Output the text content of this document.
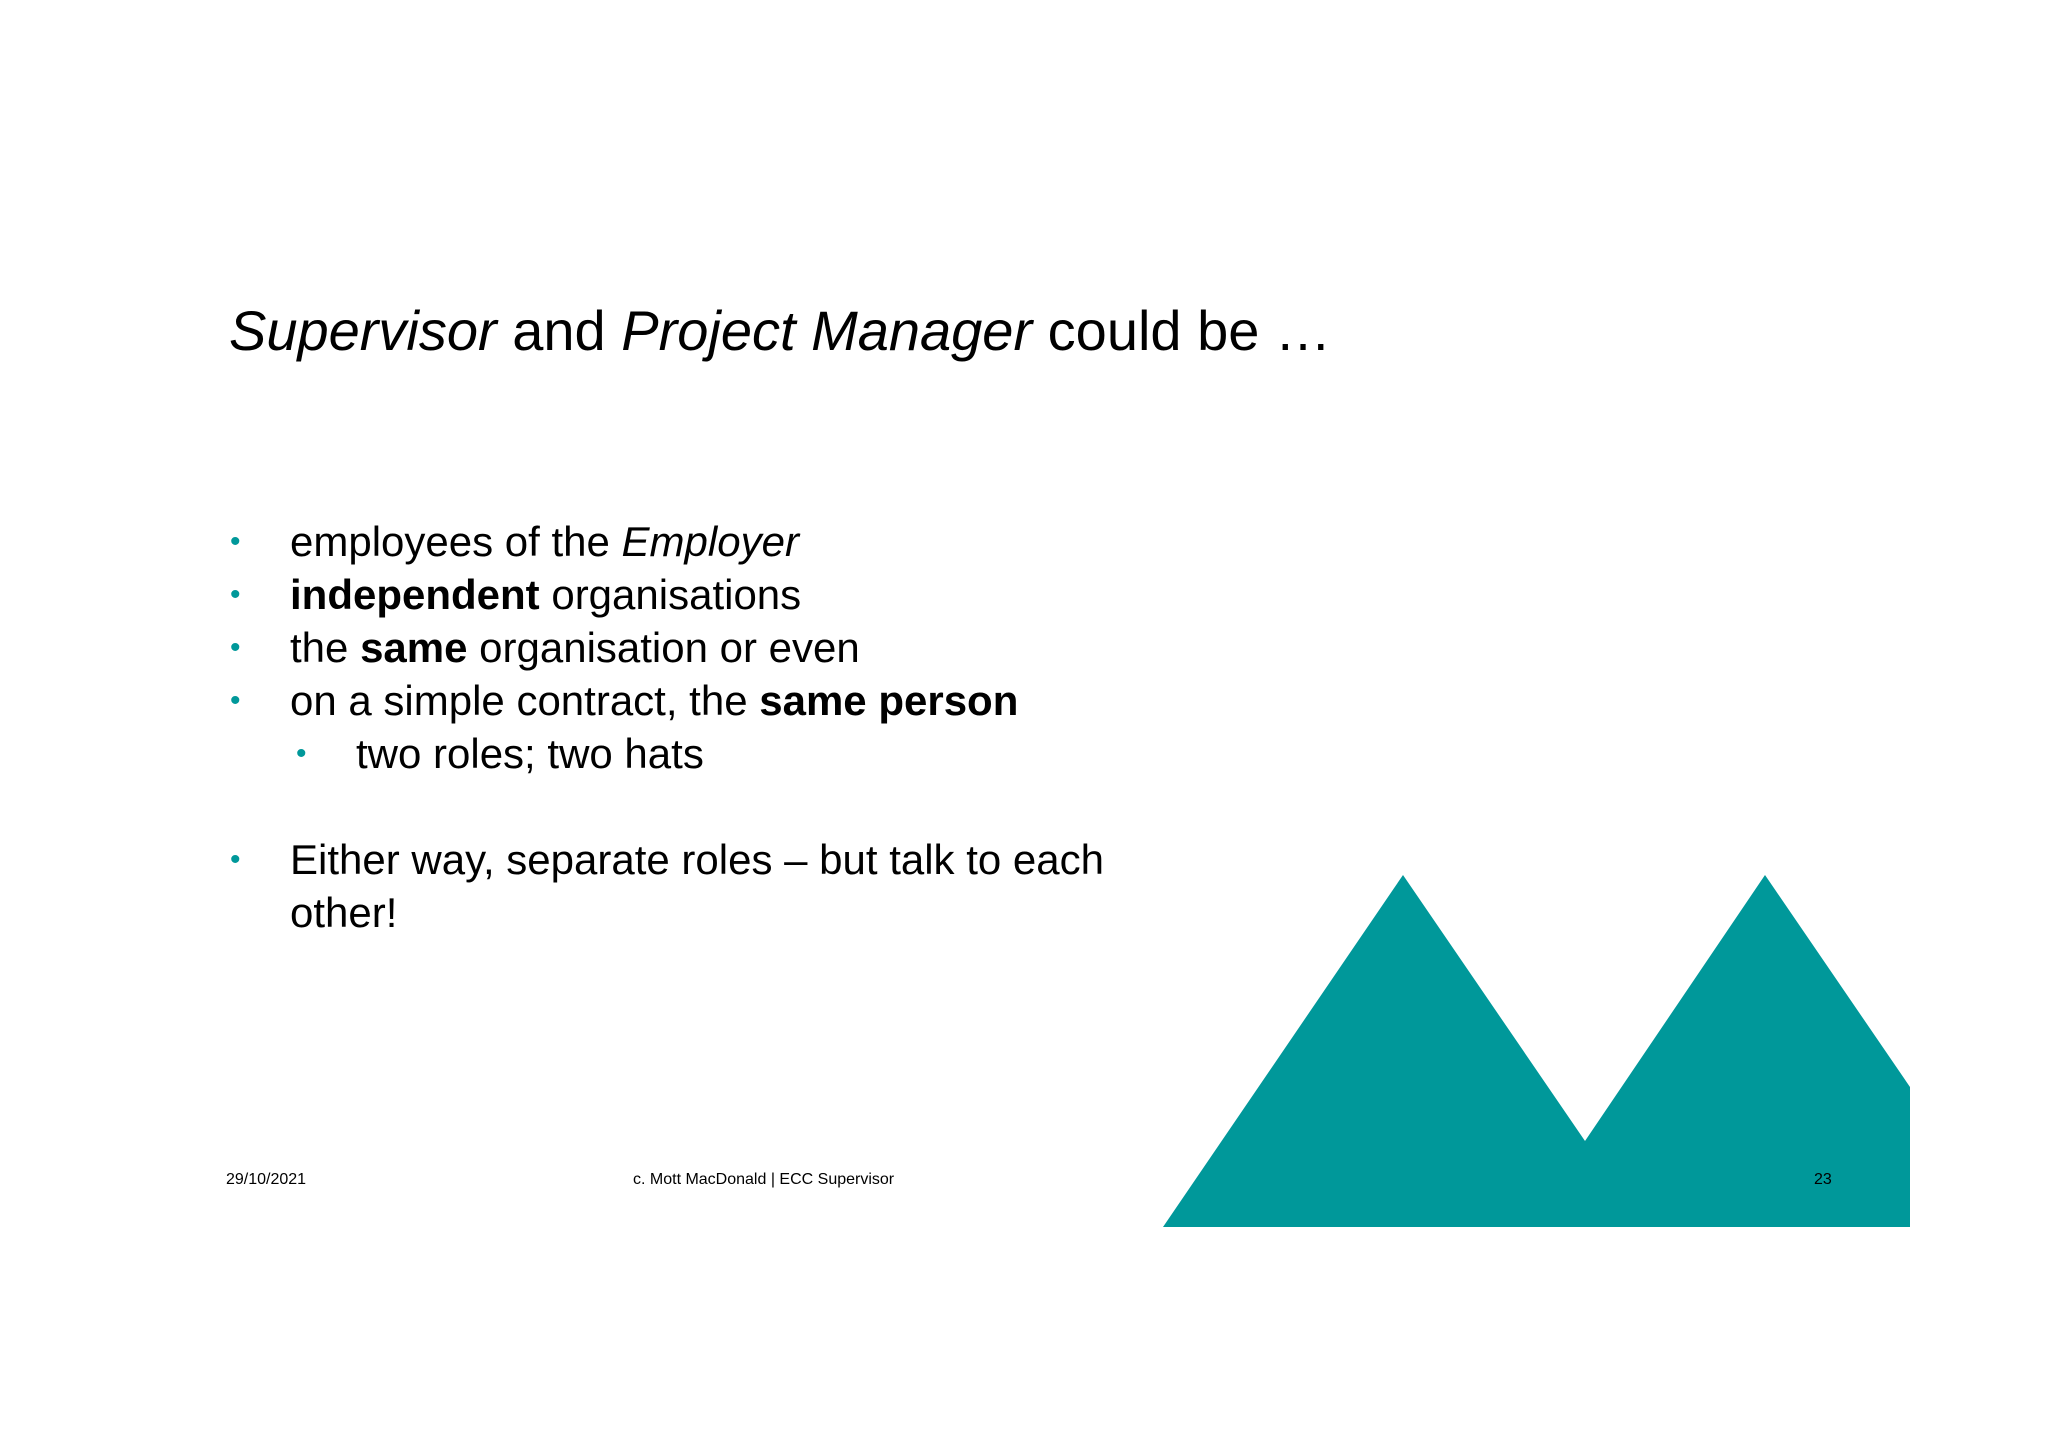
Supervisor and Project Manager could be …
• employees of the Employer
• independent organisations
• the same organisation or even
• on a simple contract, the same person
• two roles; two hats
• Either way, separate roles – but talk to each other!
29/10/2021	c. Mott MacDonald | ECC Supervisor	23
